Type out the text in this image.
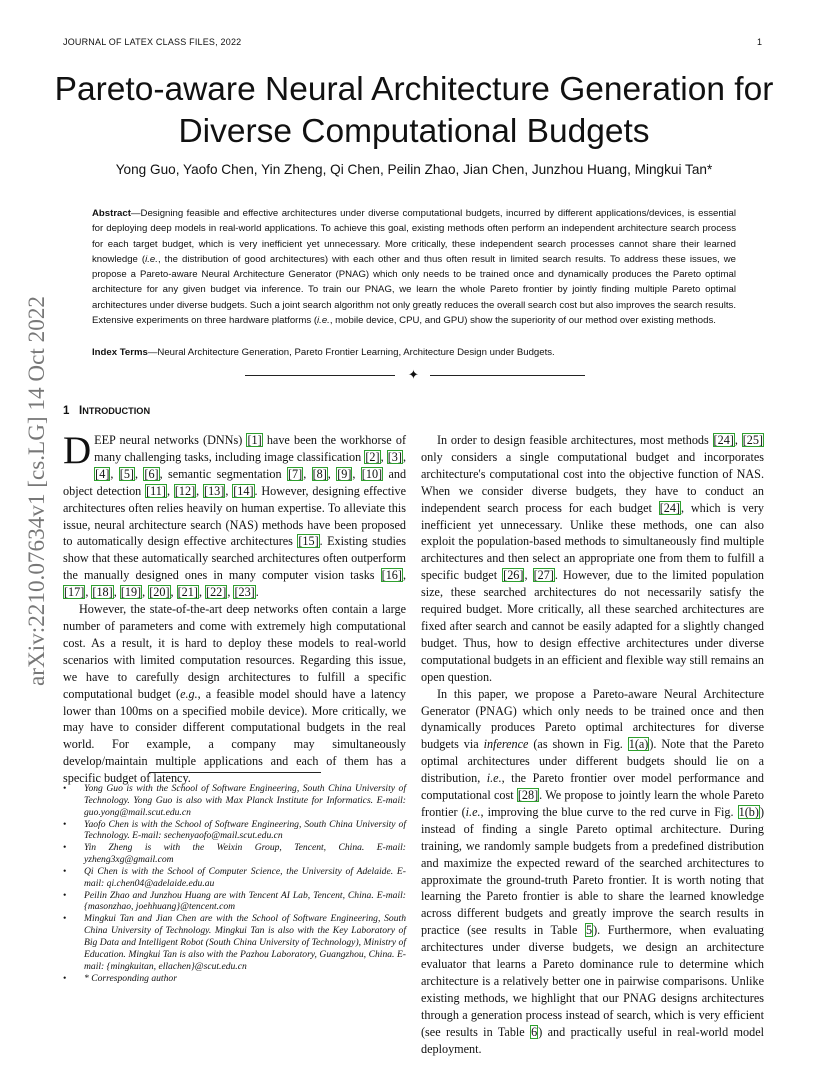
JOURNAL OF LATEX CLASS FILES, 2022	1
arXiv:2210.07634v1 [cs.LG] 14 Oct 2022
Pareto-aware Neural Architecture Generation for
Diverse Computational Budgets
Yong Guo, Yaofo Chen, Yin Zheng, Qi Chen, Peilin Zhao, Jian Chen, Junzhou Huang, Mingkui Tan*
Abstract—Designing feasible and effective architectures under diverse computational budgets, incurred by different applications/devices, is essential for deploying deep models in real-world applications. To achieve this goal, existing methods often perform an independent architecture search process for each target budget, which is very inefficient yet unnecessary. More critically, these independent search processes cannot share their learned knowledge (i.e., the distribution of good architectures) with each other and thus often result in limited search results. To address these issues, we propose a Pareto-aware Neural Architecture Generator (PNAG) which only needs to be trained once and dynamically produces the Pareto optimal architecture for any given budget via inference. To train our PNAG, we learn the whole Pareto frontier by jointly finding multiple Pareto optimal architectures under diverse budgets. Such a joint search algorithm not only greatly reduces the overall search cost but also improves the search results. Extensive experiments on three hardware platforms (i.e., mobile device, CPU, and GPU) show the superiority of our method over existing methods.
Index Terms—Neural Architecture Generation, Pareto Frontier Learning, Architecture Design under Budgets.
✦
1 INTRODUCTION

DEEP neural networks (DNNs) [1] have been the workhorse of many challenging tasks, including image classification [2], [3], [4], [5], [6], semantic segmentation [7], [8], [9], [10] and object detection [11], [12], [13], [14]. However, designing effective architectures often relies heavily on human expertise. To alleviate this issue, neural architecture search (NAS) methods have been proposed to automatically design effective architectures [15]. Existing studies show that these automatically searched architectures often outperform the manually designed ones in many computer vision tasks [16], [17], [18], [19], [20], [21], [22], [23].

However, the state-of-the-art deep networks often contain a large number of parameters and come with extremely high computational cost. As a result, it is hard to deploy these models to real-world scenarios with limited computation resources. Regarding this issue, we have to carefully design architectures to fulfill a specific computational budget (e.g., a feasible model should have a latency lower than 100ms on a specified mobile device). More critically, we may have to consider different computational budgets in the real world. For example, a company may simultaneously develop/maintain multiple applications and each of them has a specific budget of latency.

• Yong Guo is with the School of Software Engineering, South China University of Technology. Yong Guo is also with Max Planck Institute for Informatics. E-mail: guo.yong@mail.scut.edu.cn
• Yaofo Chen is with the School of Software Engineering, South China University of Technology. E-mail: sechenyaofo@mail.scut.edu.cn
• Yin Zheng is with the Weixin Group, Tencent, China. E-mail: yzheng3xg@gmail.com
• Qi Chen is with the School of Computer Science, the University of Adelaide. E-mail: qi.chen04@adelaide.edu.au
• Peilin Zhao and Junzhou Huang are with Tencent AI Lab, Tencent, China. E-mail: {masonzhao, joehhuang}@tencent.com
• Mingkui Tan and Jian Chen are with the School of Software Engineering, South China University of Technology. Mingkui Tan is also with the Key Laboratory of Big Data and Intelligent Robot (South China University of Technology), Ministry of Education. Mingkui Tan is also with the Pazhou Laboratory, Guangzhou, China. E-mail: {mingkuitan, ellachen}@scut.edu.cn
• * Corresponding author

In order to design feasible architectures, most methods [24], [25] only considers a single computational budget and incorporates architecture's computational cost into the objective function of NAS. When we consider diverse budgets, they have to conduct an independent search process for each budget [24], which is very inefficient yet unnecessary. Unlike these methods, one can also exploit the population-based methods to simultaneously find multiple architectures and then select an appropriate one from them to fulfill a specific budget [26], [27]. However, due to the limited population size, these searched architectures do not necessarily satisfy the required budget. More critically, all these searched architectures are fixed after search and cannot be easily adapted for a slightly changed budget. Thus, how to design effective architectures under diverse computational budgets in an efficient and flexible way still remains an open question.

In this paper, we propose a Pareto-aware Neural Architecture Generator (PNAG) which only needs to be trained once and then dynamically produces Pareto optimal architectures for diverse budgets via inference (as shown in Fig. 1(a)). Note that the Pareto optimal architectures under different budgets should lie on a distribution, i.e., the Pareto frontier over model performance and computational cost [28]. We propose to jointly learn the whole Pareto frontier (i.e., improving the blue curve to the red curve in Fig. 1(b)) instead of finding a single Pareto optimal architecture. During training, we randomly sample budgets from a predefined distribution and maximize the expected reward of the searched architectures to approximate the ground-truth Pareto frontier. It is worth noting that learning the Pareto frontier is able to share the learned knowledge across different budgets and greatly improve the search results in practice (see results in Table 5). Furthermore, when evaluating architectures under diverse budgets, we design an architecture evaluator that learns a Pareto dominance rule to determine which architecture is a relatively better one in pairwise comparisons. Unlike existing methods, we highlight that our PNAG designs architectures through a generation process instead of search, which is very efficient (see results in Table 6) and practically useful in real-world model deployment.
